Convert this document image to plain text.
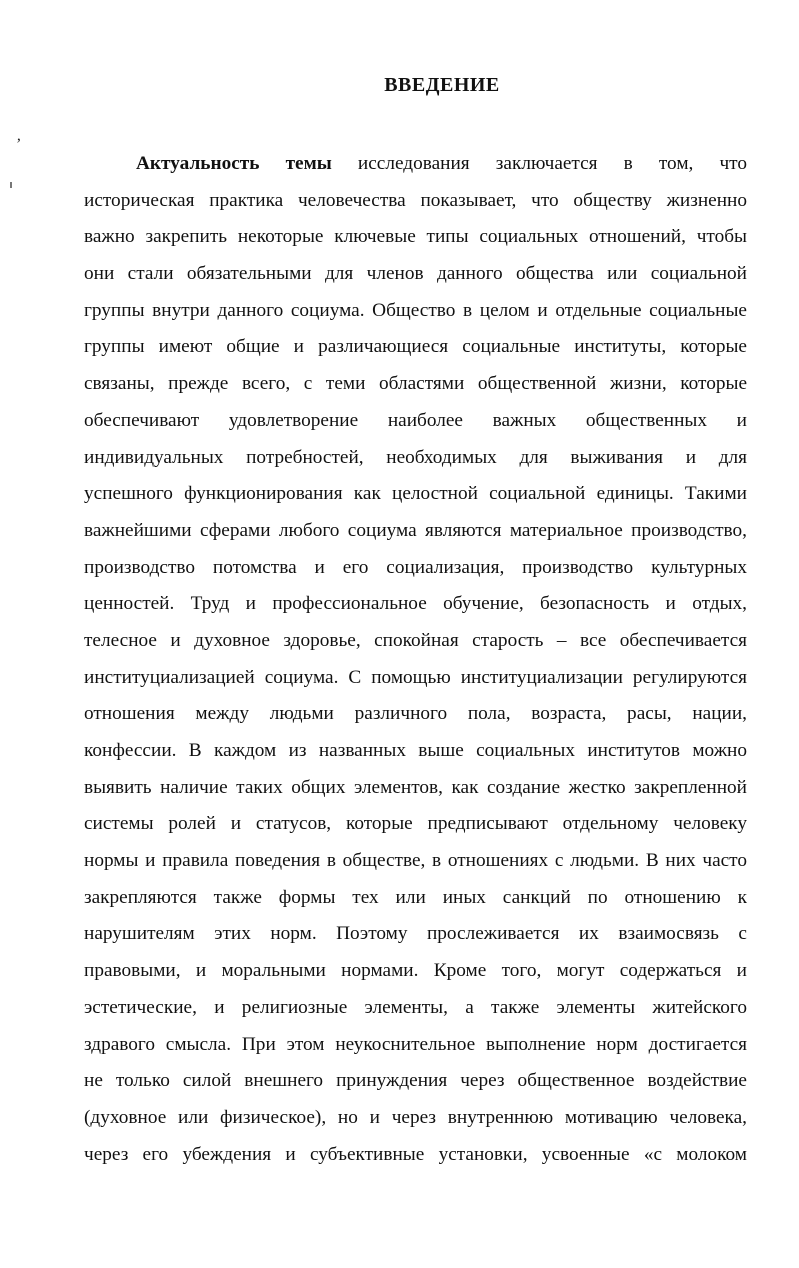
ʼ
ВВЕДЕНИЕ
Актуальность темы исследования заключается в том, что
историческая практика человечества показывает, что обществу жизненно
важно закрепить некоторые ключевые типы социальных отношений, чтобы
они стали обязательными для членов данного общества или социальной
группы внутри данного социума. Общество в целом и отдельные социальные
группы имеют общие и различающиеся социальные институты, которые
связаны, прежде всего, с теми областями общественной жизни, которые
обеспечивают удовлетворение наиболее важных общественных и
индивидуальных потребностей, необходимых для выживания и для
успешного функционирования как целостной социальной единицы. Такими
важнейшими сферами любого социума являются материальное производство,
производство потомства и его социализация, производство культурных
ценностей. Труд и профессиональное обучение, безопасность и отдых,
телесное и духовное здоровье, спокойная старость – все обеспечивается
институциализацией социума. С помощью институциализации регулируются
отношения между людьми различного пола, возраста, расы, нации,
конфессии. В каждом из названных выше социальных институтов можно
выявить наличие таких общих элементов, как создание жестко закрепленной
системы ролей и статусов, которые предписывают отдельному человеку
нормы и правила поведения в обществе, в отношениях с людьми. В них часто
закрепляются также формы тех или иных санкций по отношению к
нарушителям этих норм. Поэтому прослеживается их взаимосвязь с
правовыми, и моральными нормами. Кроме того, могут содержаться и
эстетические, и религиозные элементы, а также элементы житейского
здравого смысла. При этом неукоснительное выполнение норм достигается
не только силой внешнего принуждения через общественное воздействие
(духовное или физическое), но и через внутреннюю мотивацию человека,
через его убеждения и субъективные установки, усвоенные «с молоком
